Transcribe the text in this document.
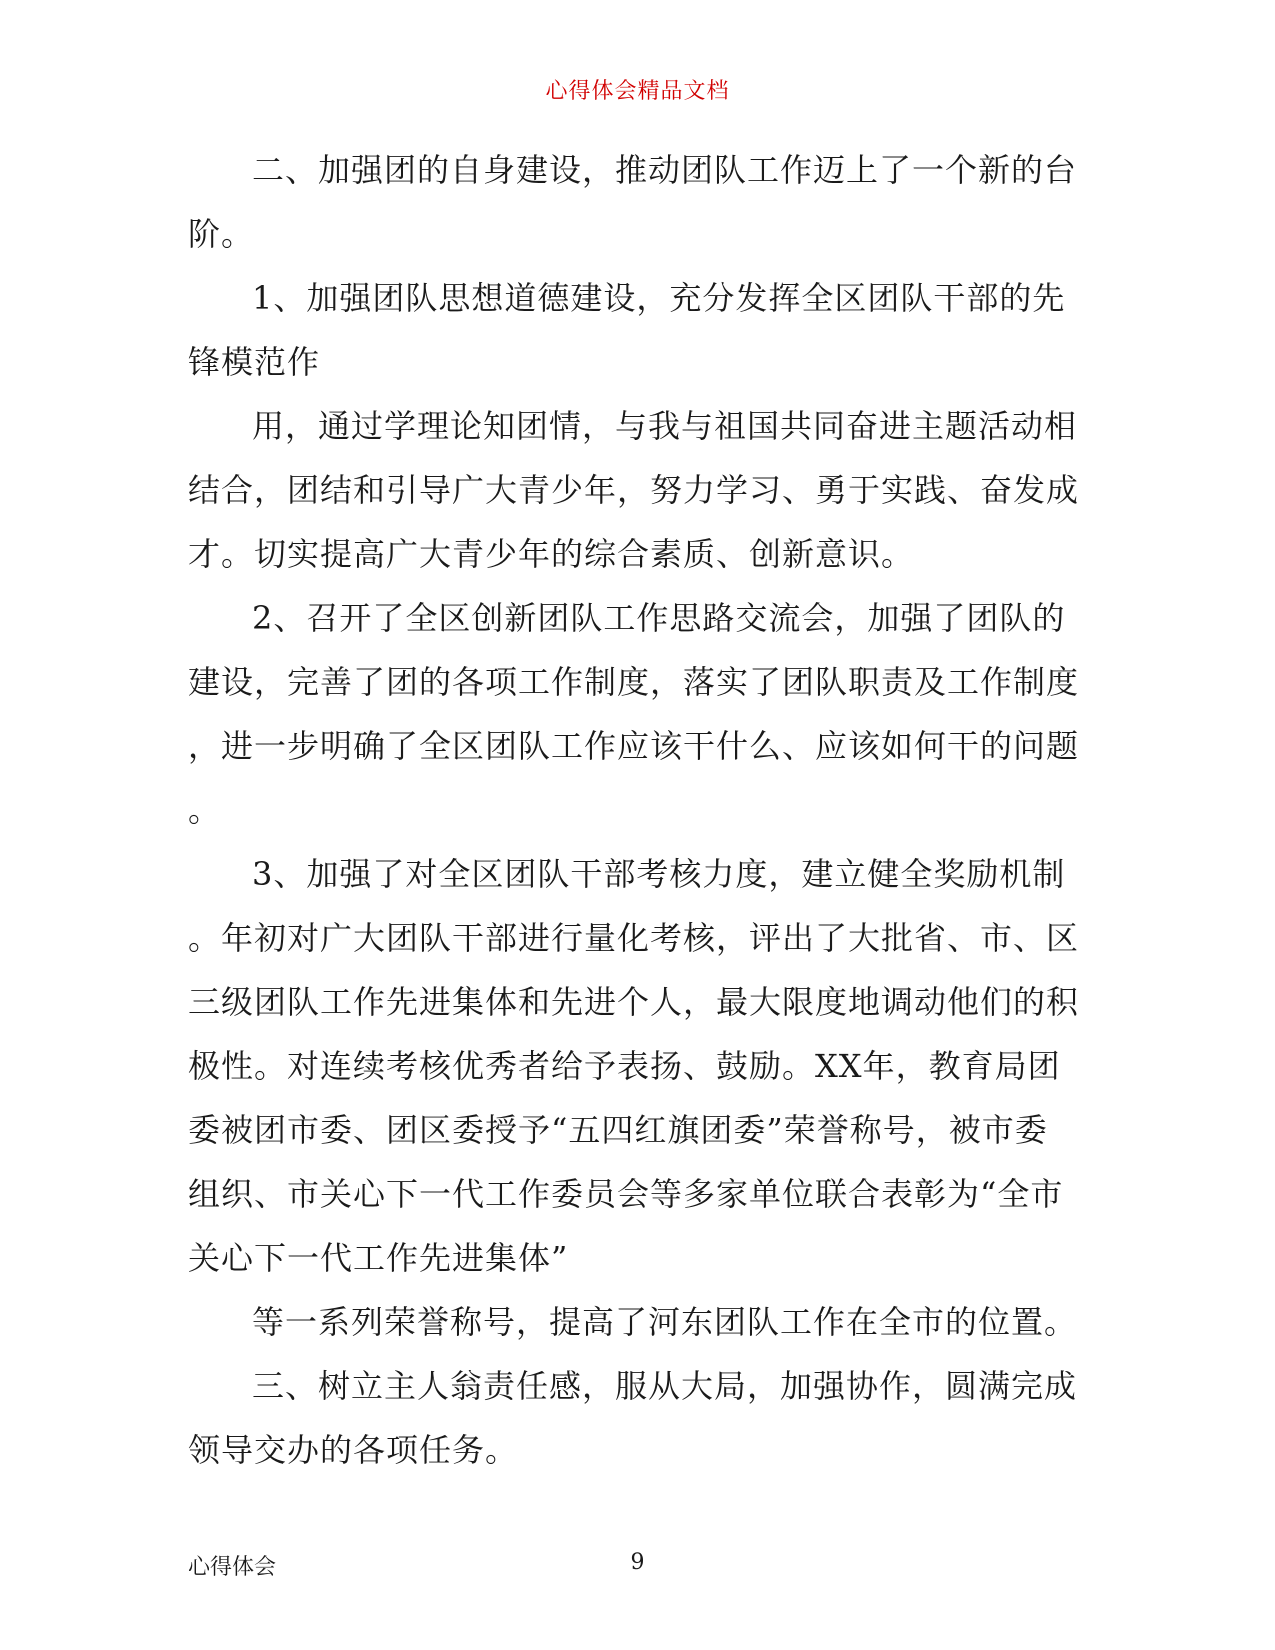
心得体会精品文档
二、加强团的自身建设，推动团队工作迈上了一个新的台
阶。
1、加强团队思想道德建设，充分发挥全区团队干部的先
锋模范作
用，通过学理论知团情，与我与祖国共同奋进主题活动相
结合，团结和引导广大青少年，努力学习、勇于实践、奋发成
才。切实提高广大青少年的综合素质、创新意识。
2、召开了全区创新团队工作思路交流会，加强了团队的
建设，完善了团的各项工作制度，落实了团队职责及工作制度
，进一步明确了全区团队工作应该干什么、应该如何干的问题
。
3、加强了对全区团队干部考核力度，建立健全奖励机制
。年初对广大团队干部进行量化考核，评出了大批省、市、区
三级团队工作先进集体和先进个人，最大限度地调动他们的积
极性。对连续考核优秀者给予表扬、鼓励。XX年，教育局团
委被团市委、团区委授予“五四红旗团委”荣誉称号，被市委
组织、市关心下一代工作委员会等多家单位联合表彰为“全市
关心下一代工作先进集体”
等一系列荣誉称号，提高了河东团队工作在全市的位置。
三、树立主人翁责任感，服从大局，加强协作，圆满完成
领导交办的各项任务。
心得体会	9
